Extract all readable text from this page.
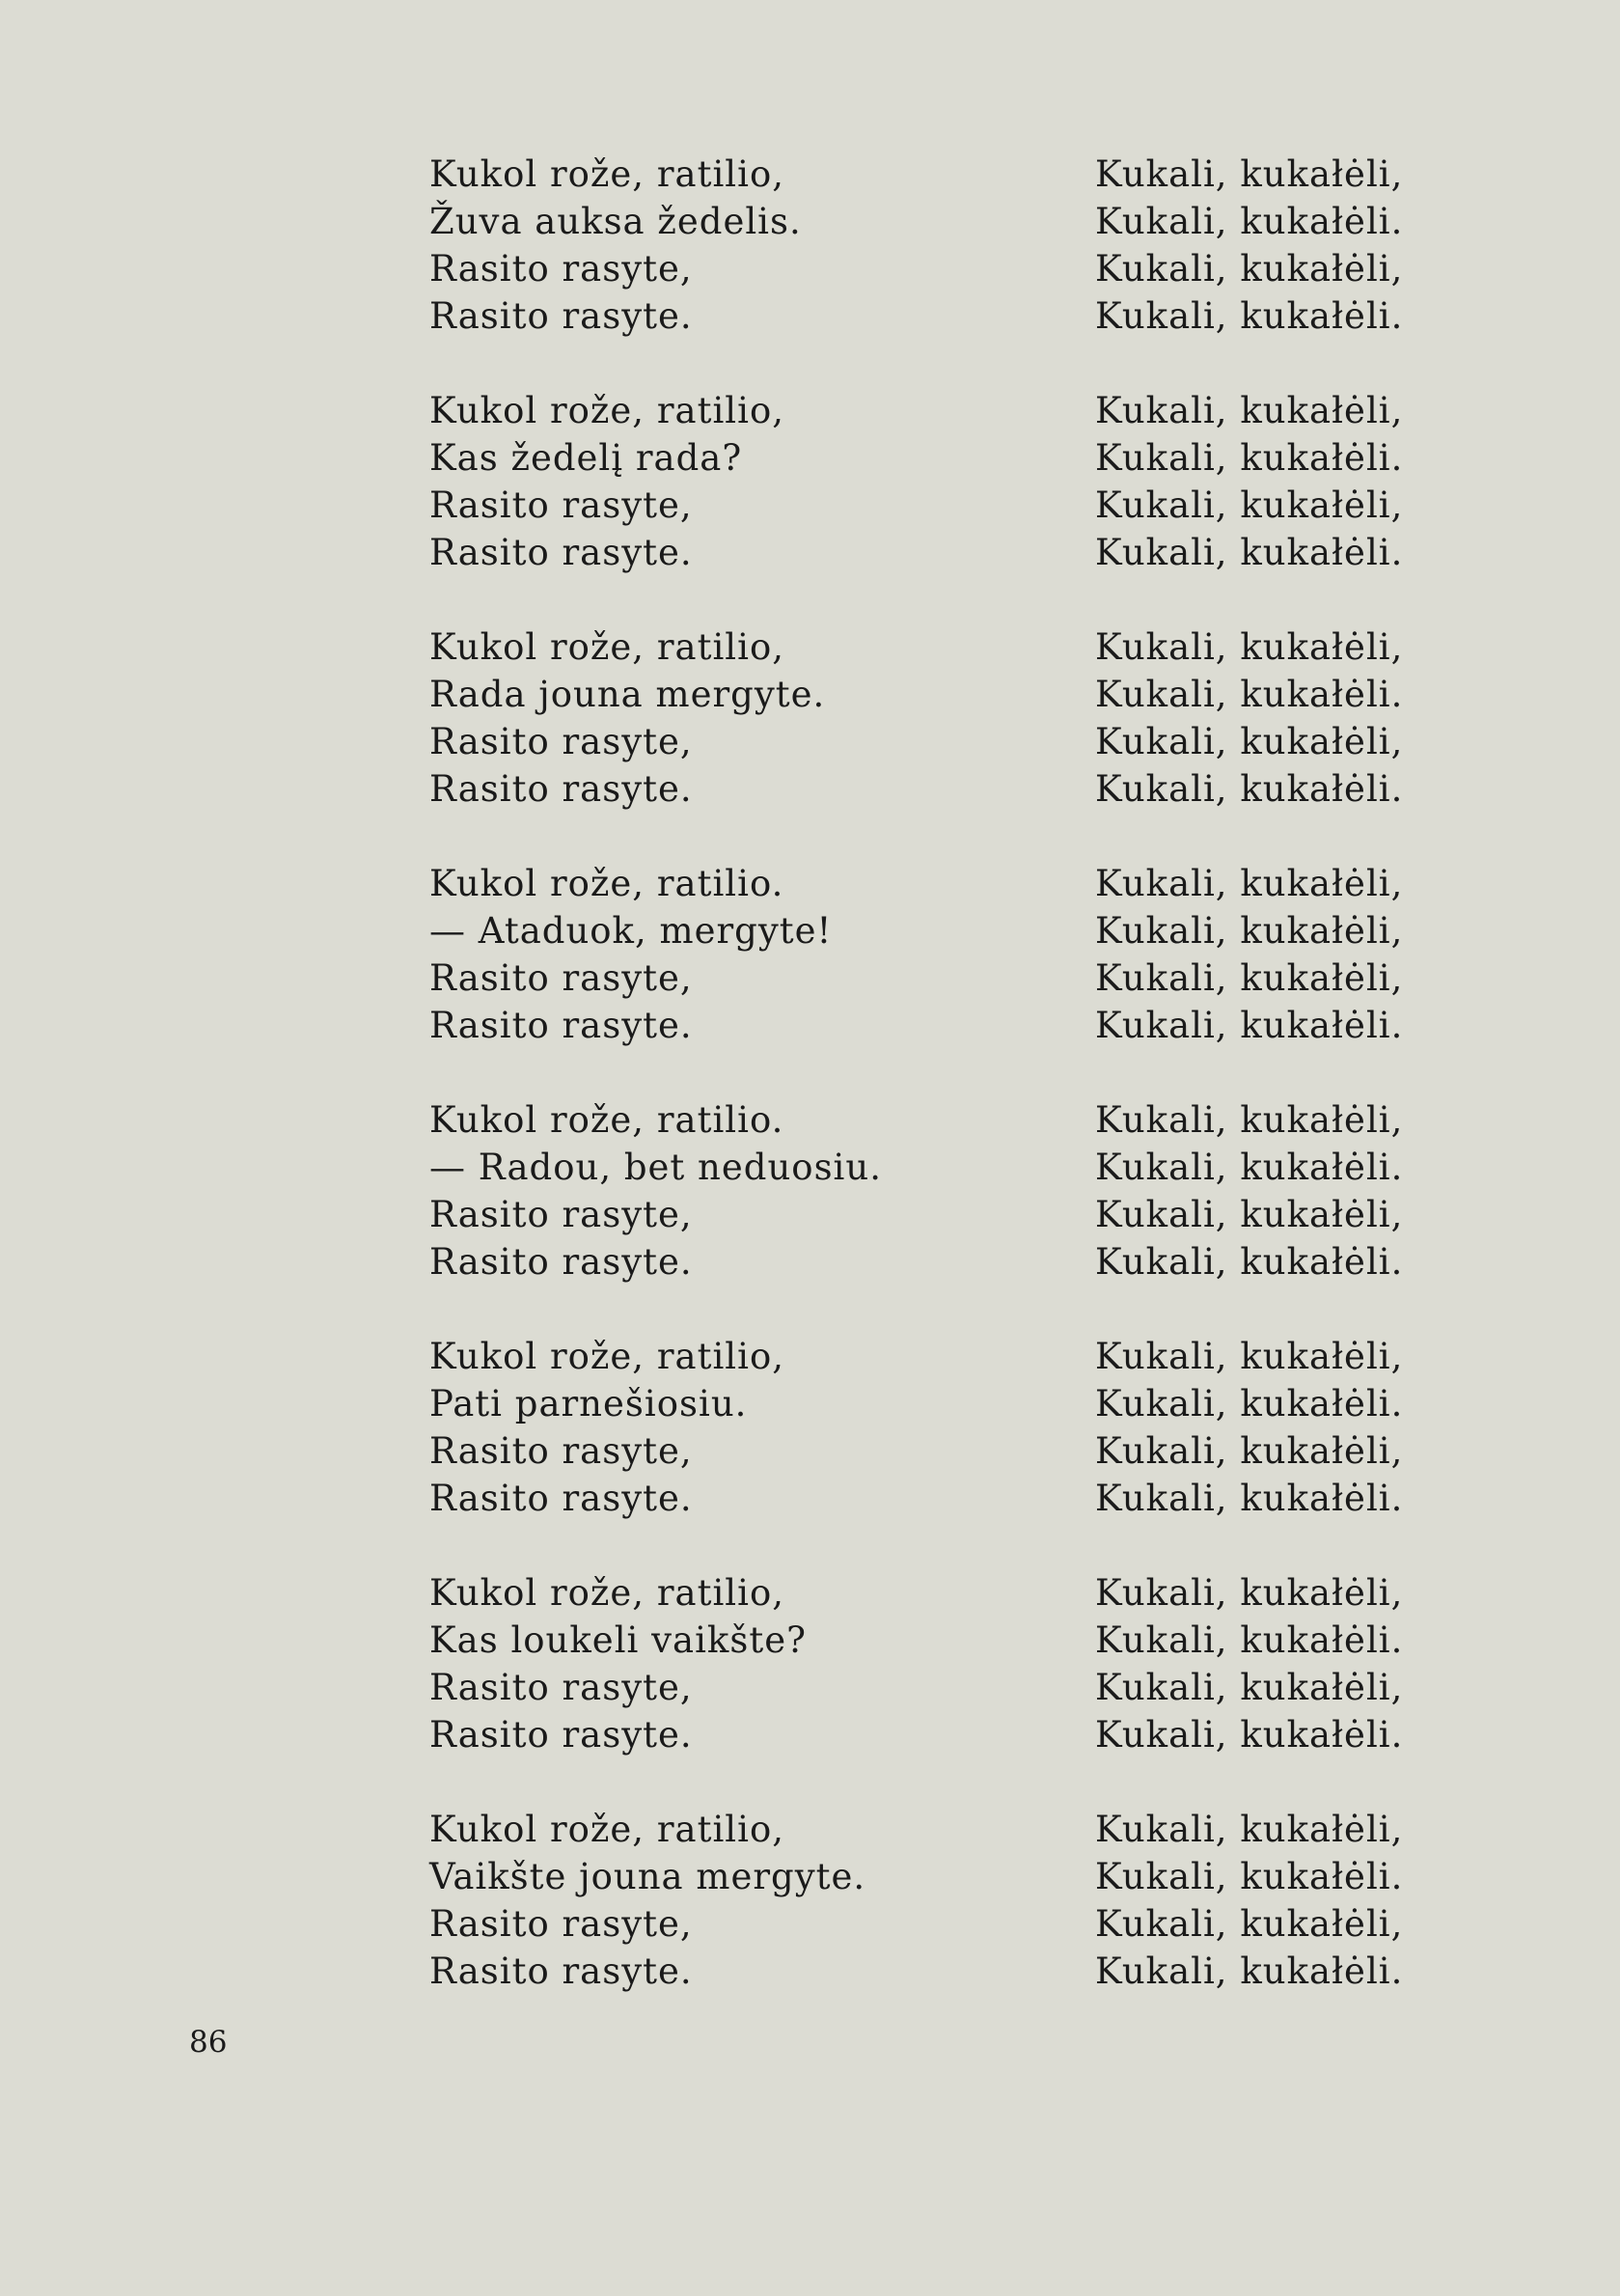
Kukol rože, ratilio,	Kukali, kukałėli,
Žuva auksa žedelis.	Kukali, kukałėli.
Rasito rasyte,	Kukali, kukałėli,
Rasito rasyte.	Kukali, kukałėli.
Kukol rože, ratilio,	Kukali, kukałėli,
Kas žedelį rada?	Kukali, kukałėli.
Rasito rasyte,	Kukali, kukałėli,
Rasito rasyte.	Kukali, kukałėli.
Kukol rože, ratilio,	Kukali, kukałėli,
Rada jouna mergyte.	Kukali, kukałėli.
Rasito rasyte,	Kukali, kukałėli,
Rasito rasyte.	Kukali, kukałėli.
Kukol rože, ratilio.	Kukali, kukałėli,
— Ataduok, mergyte!	Kukali, kukałėli,
Rasito rasyte,	Kukali, kukałėli,
Rasito rasyte.	Kukali, kukałėli.
Kukol rože, ratilio.	Kukali, kukałėli,
— Radou, bet neduosiu.	Kukali, kukałėli.
Rasito rasyte,	Kukali, kukałėli,
Rasito rasyte.	Kukali, kukałėli.
Kukol rože, ratilio,	Kukali, kukałėli,
Pati parnešiosiu.	Kukali, kukałėli.
Rasito rasyte,	Kukali, kukałėli,
Rasito rasyte.	Kukali, kukałėli.
Kukol rože, ratilio,	Kukali, kukałėli,
Kas loukeli vaikšte?	Kukali, kukałėli.
Rasito rasyte,	Kukali, kukałėli,
Rasito rasyte.	Kukali, kukałėli.
Kukol rože, ratilio,	Kukali, kukałėli,
Vaikšte jouna mergyte.	Kukali, kukałėli.
Rasito rasyte,	Kukali, kukałėli,
Rasito rasyte.	Kukali, kukałėli.
86
